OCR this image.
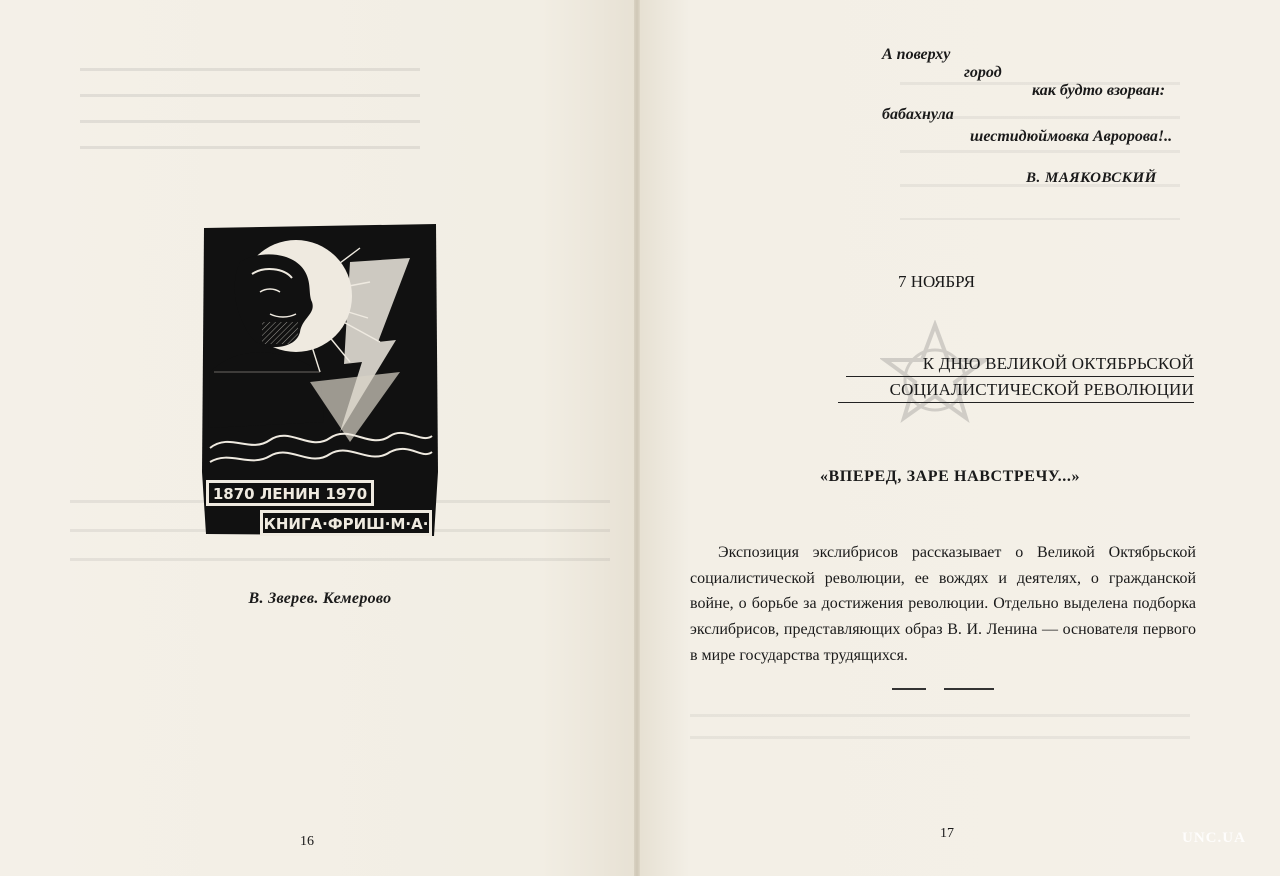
1870 ЛЕНИН 1970
КНИГА·ФРИШ·М·А·
В. Зверев. Кемерово
16
А поверху
город
как будто взорван:
бабахнула
шестидюймовка Авророва!..
В. МАЯКОВСКИЙ
7 НОЯБРЯ
К ДНЮ ВЕЛИКОЙ ОКТЯБРЬСКОЙ
СОЦИАЛИСТИЧЕСКОЙ РЕВОЛЮЦИИ
«ВПЕРЕД, ЗАРЕ НАВСТРЕЧУ...»

Экспозиция экслибрисов рассказывает о Великой Октябрьской социалистической революции, ее вождях и деятелях, о гражданской войне, о борьбе за достижения революции. Отдельно выделена подборка экслибрисов, представляющих образ В. И. Ленина — основателя первого в мире государства трудящихся.

17	UNC.UA
